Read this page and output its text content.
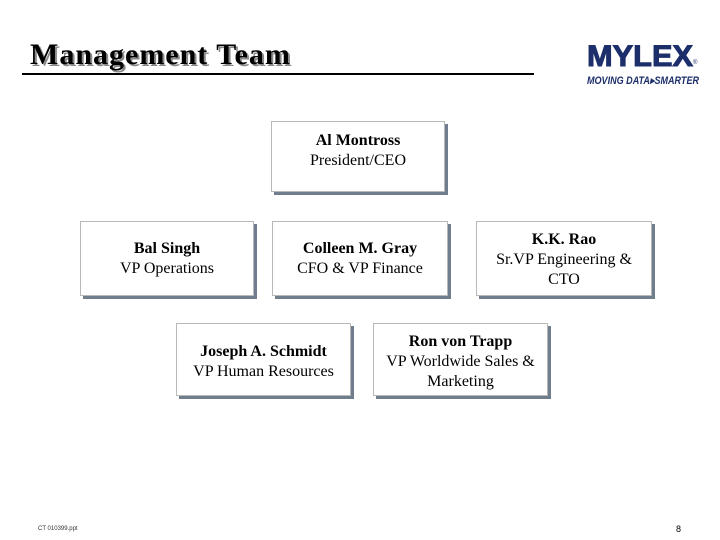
Management Team	MYLEX ®
MOVING DATA▸SMARTER
Al Montross
President/CEO
Bal Singh
VP Operations
Colleen M. Gray
CFO & VP Finance
K.K. Rao
Sr.VP Engineering & CTO
Joseph A. Schmidt
VP Human Resources
Ron von Trapp
VP Worldwide Sales & Marketing
CT 010399.ppt	8
